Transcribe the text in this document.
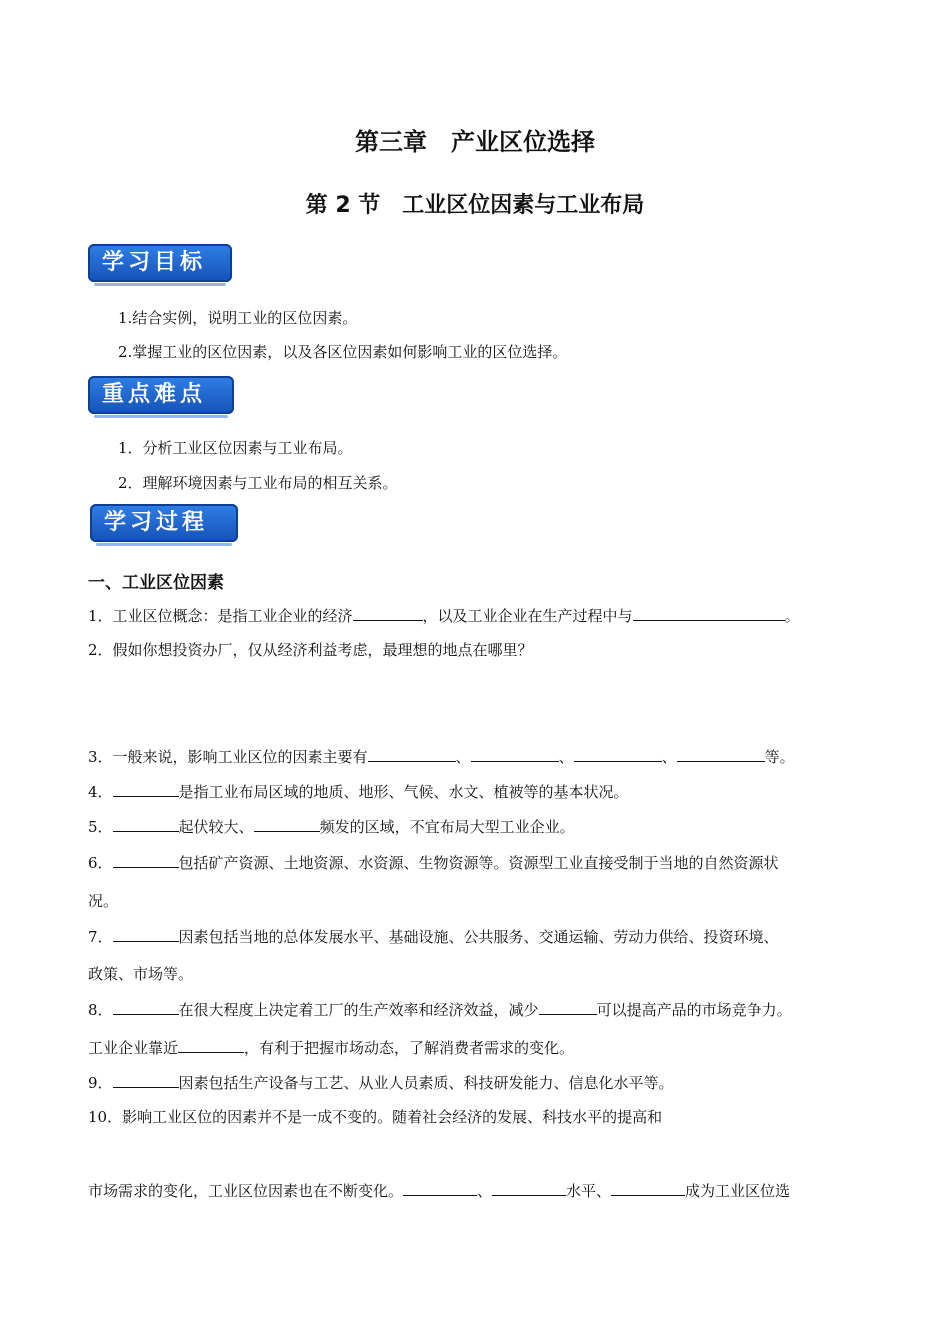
第三章　产业区位选择
第 2 节　工业区位因素与工业布局
学习目标
1.结合实例，说明工业的区位因素。
2.掌握工业的区位因素，以及各区位因素如何影响工业的区位选择。
重点难点
1．分析工业区位因素与工业布局。
2．理解环境因素与工业布局的相互关系。
学习过程
一、工业区位因素
1．工业区位概念：是指工业企业的经济	，以及工业企业在生产过程中与	。
2．假如你想投资办厂，仅从经济利益考虑，最理想的地点在哪里？
3．一般来说，影响工业区位的因素主要有	、	、	、	等。
4．	是指工业布局区域的地质、地形、气候、水文、植被等的基本状况。
5．	起伏较大、	频发的区域，不宜布局大型工业企业。
6．	包括矿产资源、土地资源、水资源、生物资源等。资源型工业直接受制于当地的自然资源状
况。
7．	因素包括当地的总体发展水平、基础设施、公共服务、交通运输、劳动力供给、投资环境、
政策、市场等。
8．	在很大程度上决定着工厂的生产效率和经济效益，减少	可以提高产品的市场竞争力。
工业企业靠近	，有利于把握市场动态，了解消费者需求的变化。
9．	因素包括生产设备与工艺、从业人员素质、科技研发能力、信息化水平等。
10．影响工业区位的因素并不是一成不变的。随着社会经济的发展、科技水平的提高和
市场需求的变化，工业区位因素也在不断变化。	、	水平、	成为工业区位选
